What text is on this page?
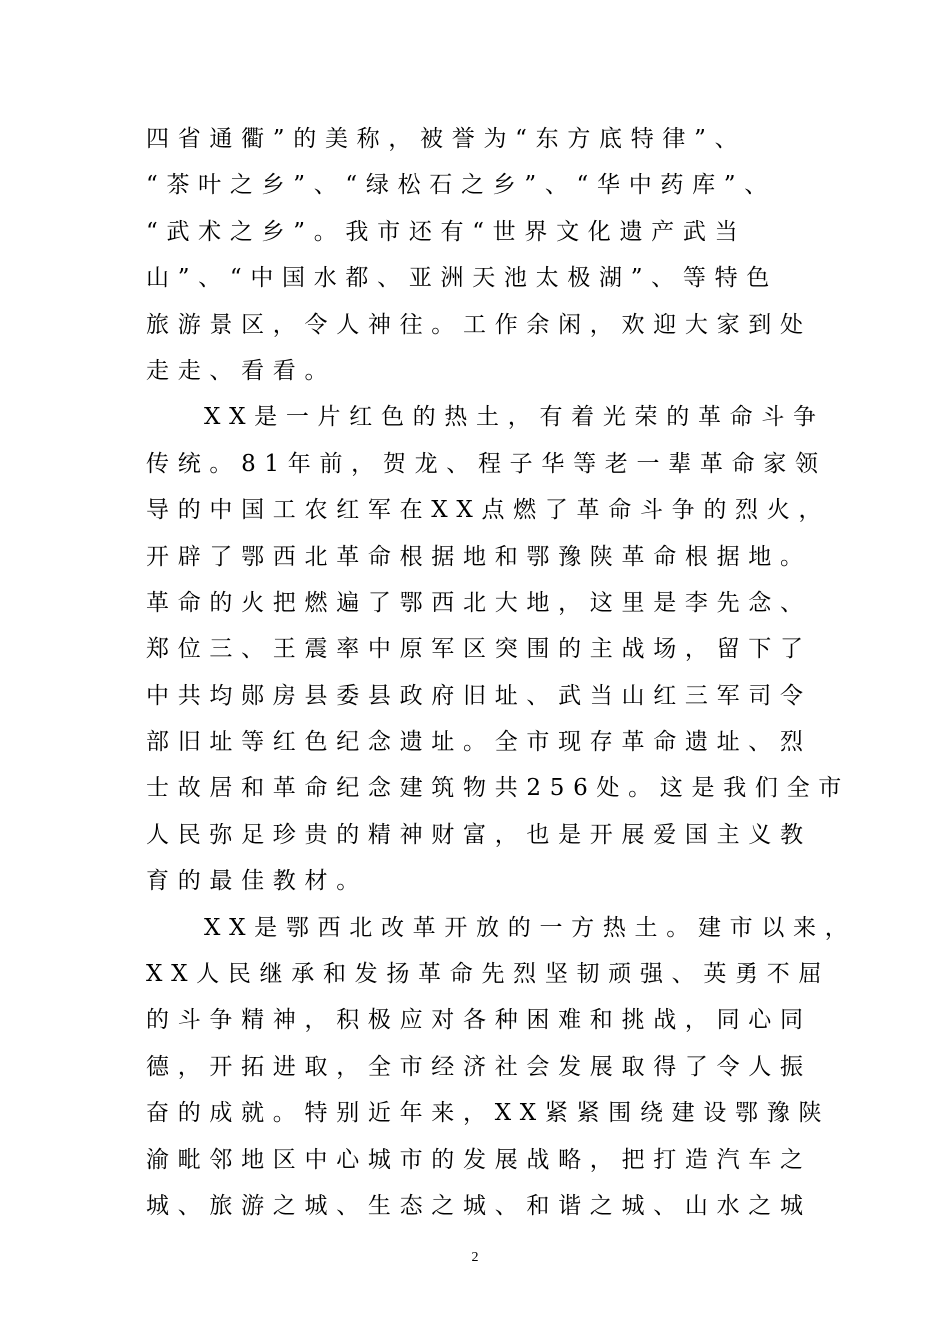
四省通衢”的美称，被誉为“东方底特律”、
“茶叶之乡”、“绿松石之乡”、“华中药库”、
“武术之乡”。我市还有“世界文化遗产武当
山”、“中国水都、亚洲天池太极湖”、等特色
旅游景区，令人神往。工作余闲，欢迎大家到处
走走、看看。
XX是一片红色的热土，有着光荣的革命斗争
传统。81年前，贺龙、程子华等老一辈革命家领
导的中国工农红军在XX点燃了革命斗争的烈火，
开辟了鄂西北革命根据地和鄂豫陕革命根据地。
革命的火把燃遍了鄂西北大地，这里是李先念、
郑位三、王震率中原军区突围的主战场，留下了
中共均郧房县委县政府旧址、武当山红三军司令
部旧址等红色纪念遗址。全市现存革命遗址、烈
士故居和革命纪念建筑物共256处。这是我们全市
人民弥足珍贵的精神财富，也是开展爱国主义教
育的最佳教材。
XX是鄂西北改革开放的一方热土。建市以来，
XX人民继承和发扬革命先烈坚韧顽强、英勇不屈
的斗争精神，积极应对各种困难和挑战，同心同
德，开拓进取，全市经济社会发展取得了令人振
奋的成就。特别近年来，XX紧紧围绕建设鄂豫陕
渝毗邻地区中心城市的发展战略，把打造汽车之
城、旅游之城、生态之城、和谐之城、山水之城
2
